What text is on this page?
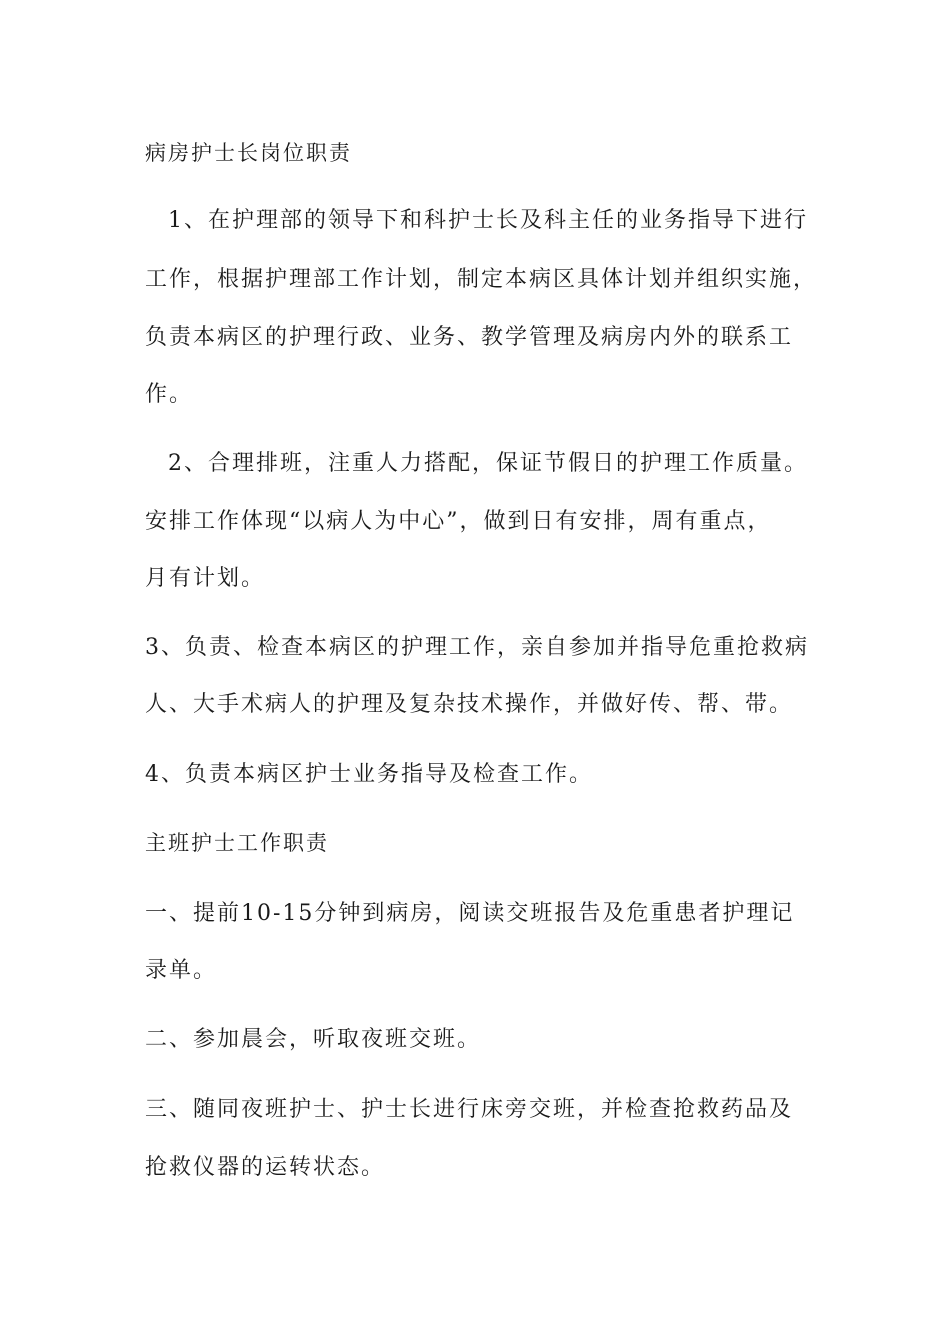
病房护士长岗位职责
1、在护理部的领导下和科护士长及科主任的业务指导下进行
工作，根据护理部工作计划，制定本病区具体计划并组织实施，
负责本病区的护理行政、业务、教学管理及病房内外的联系工
作。
2、合理排班，注重人力搭配，保证节假日的护理工作质量。
安排工作体现“以病人为中心”，做到日有安排，周有重点，
月有计划。
3、负责、检查本病区的护理工作，亲自参加并指导危重抢救病
人、大手术病人的护理及复杂技术操作，并做好传、帮、带。
4、负责本病区护士业务指导及检查工作。
主班护士工作职责
一、提前10-15分钟到病房，阅读交班报告及危重患者护理记
录单。
二、参加晨会，听取夜班交班。
三、随同夜班护士、护士长进行床旁交班，并检查抢救药品及
抢救仪器的运转状态。
